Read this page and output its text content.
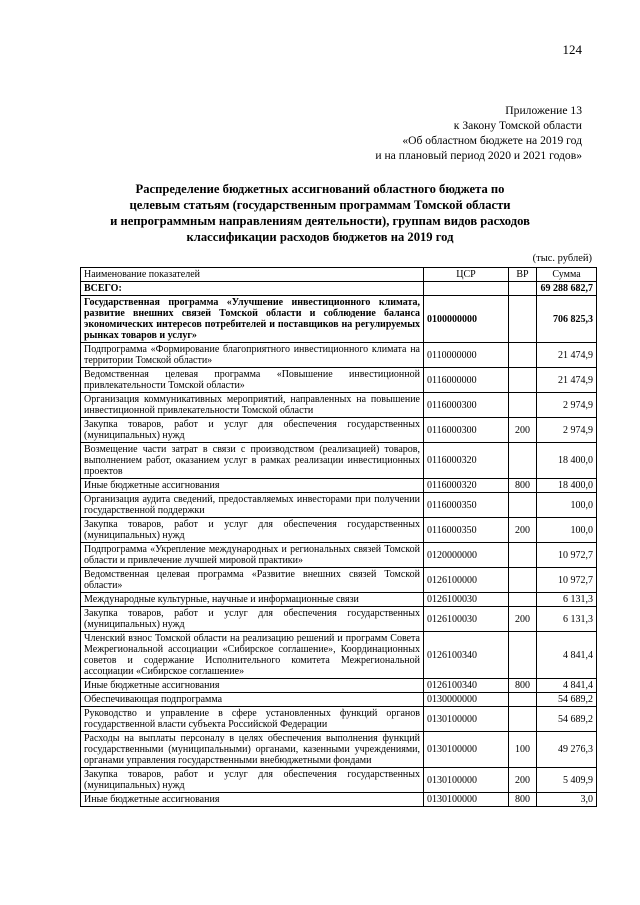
124
Приложение 13
к Закону Томской области
«Об областном бюджете на 2019 год
и на плановый период 2020 и 2021 годов»
Распределение бюджетных ассигнований областного бюджета по
целевым статьям (государственным программам Томской области
и непрограммным направлениям деятельности), группам видов расходов
классификации расходов бюджетов на 2019 год
(тыс. рублей)
Наименование показателей	ЦСР	ВР	Сумма
ВСЕГО:			69 288 682,7
Государственная программа «Улучшение инвестиционного климата, развитие внешних связей Томской области и соблюдение баланса экономических интересов потребителей и поставщиков на регулируемых рынках товаров и услуг»	0100000000		706 825,3
Подпрограмма «Формирование благоприятного инвестиционного климата на территории Томской области»	0110000000		21 474,9
Ведомственная целевая программа «Повышение инвестиционной привлекательности Томской области»	0116000000		21 474,9
Организация коммуникативных мероприятий, направленных на повышение инвестиционной привлекательности Томской области	0116000300		2 974,9
Закупка товаров, работ и услуг для обеспечения государственных (муниципальных) нужд	0116000300	200	2 974,9
Возмещение части затрат в связи с производством (реализацией) товаров, выполнением работ, оказанием услуг в рамках реализации инвестиционных проектов	0116000320		18 400,0
Иные бюджетные ассигнования	0116000320	800	18 400,0
Организация аудита сведений, предоставляемых инвесторами при получении государственной поддержки	0116000350		100,0
Закупка товаров, работ и услуг для обеспечения государственных (муниципальных) нужд	0116000350	200	100,0
Подпрограмма «Укрепление международных и региональных связей Томской области и привлечение лучшей мировой практики»	0120000000		10 972,7
Ведомственная целевая программа «Развитие внешних связей Томской области»	0126100000		10 972,7
Международные культурные, научные и информационные связи	0126100030		6 131,3
Закупка товаров, работ и услуг для обеспечения государственных (муниципальных) нужд	0126100030	200	6 131,3
Членский взнос Томской области на реализацию решений и программ Совета Межрегиональной ассоциации «Сибирское соглашение», Координационных советов и содержание Исполнительного комитета Межрегиональной ассоциации «Сибирское соглашение»	0126100340		4 841,4
Иные бюджетные ассигнования	0126100340	800	4 841,4
Обеспечивающая подпрограмма	0130000000		54 689,2
Руководство и управление в сфере установленных функций органов государственной власти субъекта Российской Федерации	0130100000		54 689,2
Расходы на выплаты персоналу в целях обеспечения выполнения функций государственными (муниципальными) органами, казенными учреждениями, органами управления государственными внебюджетными фондами	0130100000	100	49 276,3
Закупка товаров, работ и услуг для обеспечения государственных (муниципальных) нужд	0130100000	200	5 409,9
Иные бюджетные ассигнования	0130100000	800	3,0
